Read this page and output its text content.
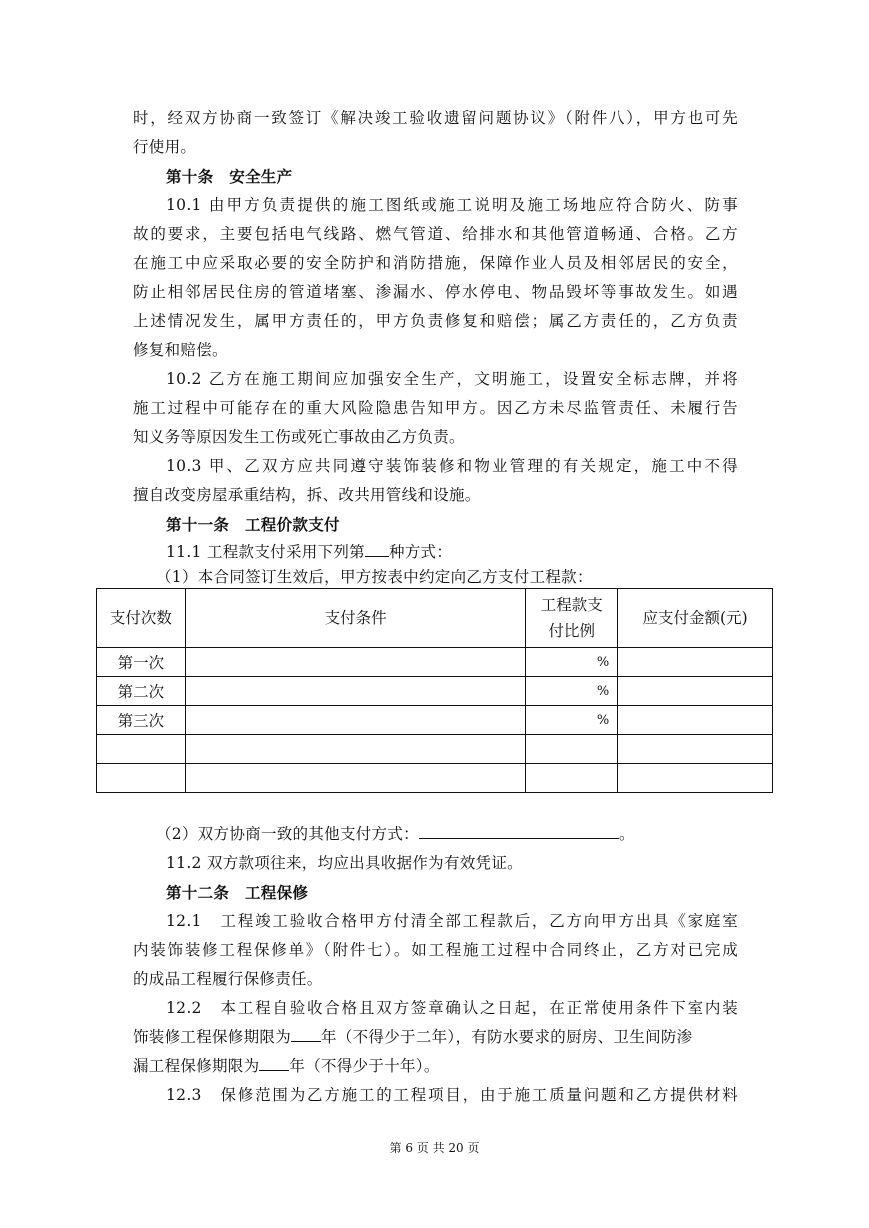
时，经双方协商一致签订《解决竣工验收遗留问题协议》（附件八），甲方也可先
行使用。
第十条　安全生产
10.1 由甲方负责提供的施工图纸或施工说明及施工场地应符合防火、防事
故的要求，主要包括电气线路、燃气管道、给排水和其他管道畅通、合格。乙方
在施工中应采取必要的安全防护和消防措施，保障作业人员及相邻居民的安全，
防止相邻居民住房的管道堵塞、渗漏水、停水停电、物品毁坏等事故发生。如遇
上述情况发生，属甲方责任的，甲方负责修复和赔偿；属乙方责任的，乙方负责
修复和赔偿。
10.2 乙方在施工期间应加强安全生产，文明施工，设置安全标志牌，并将
施工过程中可能存在的重大风险隐患告知甲方。因乙方未尽监管责任、未履行告
知义务等原因发生工伤或死亡事故由乙方负责。
10.3 甲、乙双方应共同遵守装饰装修和物业管理的有关规定，施工中不得
擅自改变房屋承重结构，拆、改共用管线和设施。
第十一条　工程价款支付
11.1 工程款支付采用下列第 种方式：
（1）本合同签订生效后，甲方按表中约定向乙方支付工程款：
支付次数	支付条件	工程款支
付比例	应支付金额(元)
第一次		%	
第二次		%	
第三次		%	

（2）双方协商一致的其他支付方式：	。
11.2 双方款项往来，均应出具收据作为有效凭证。
第十二条　工程保修
12.1　工程竣工验收合格甲方付清全部工程款后，乙方向甲方出具《家庭室
内装饰装修工程保修单》（附件七）。如工程施工过程中合同终止，乙方对已完成
的成品工程履行保修责任。
12.2　本工程自验收合格且双方签章确认之日起，在正常使用条件下室内装
饰装修工程保修期限为 年（不得少于二年），有防水要求的厨房、卫生间防渗
漏工程保修期限为 年（不得少于十年）。
12.3　保修范围为乙方施工的工程项目，由于施工质量问题和乙方提供材料
第 6 页 共 20 页
